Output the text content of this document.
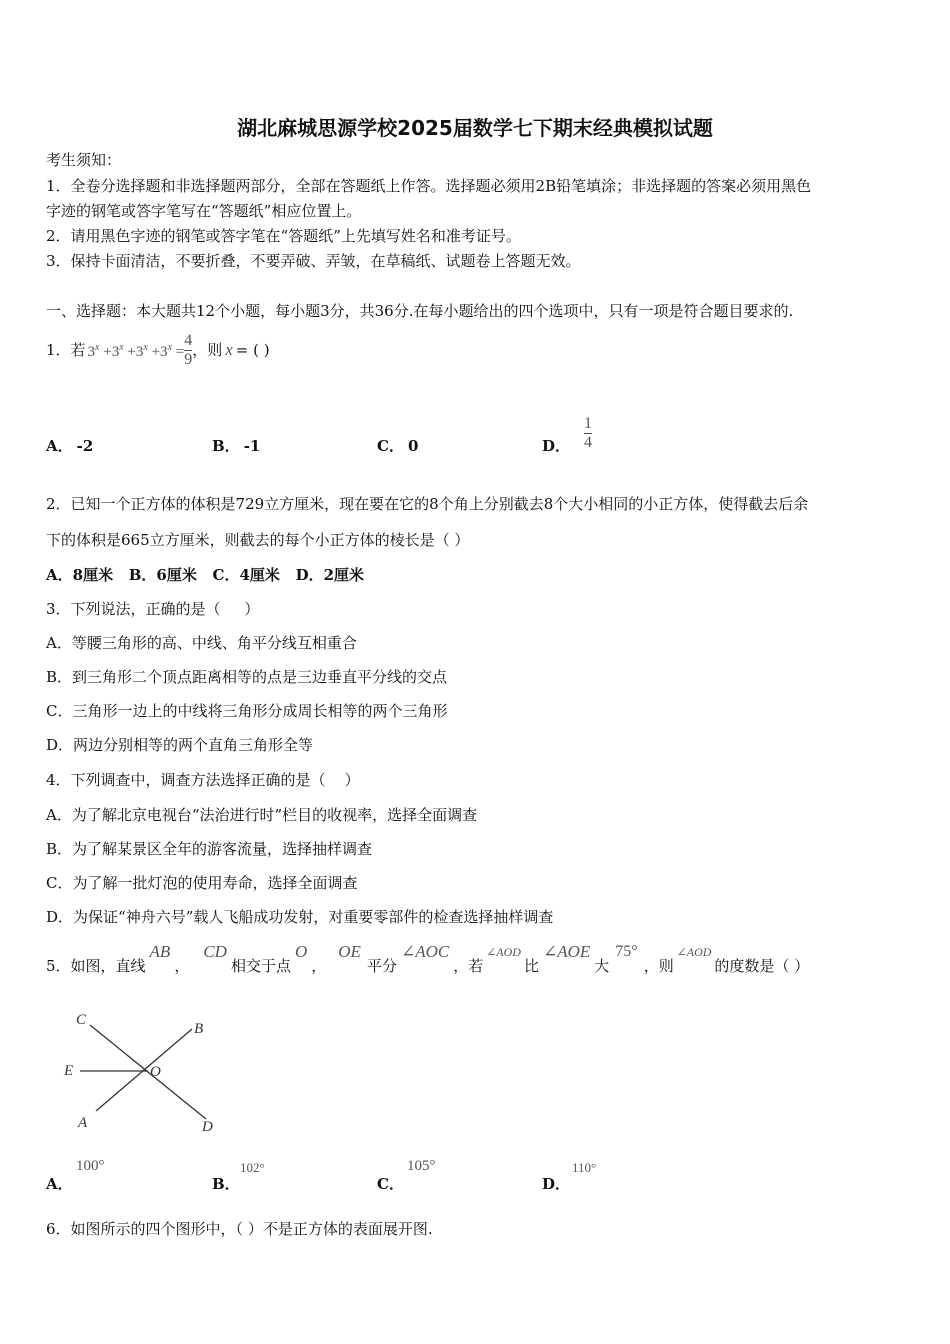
湖北麻城思源学校2025届数学七下期末经典模拟试题
考生须知：
1．全卷分选择题和非选择题两部分，全部在答题纸上作答。选择题必须用2B铅笔填涂；非选择题的答案必须用黑色
字迹的钢笔或答字笔写在“答题纸”相应位置上。
2．请用黑色字迹的钢笔或答字笔在“答题纸”上先填写姓名和准考证号。
3．保持卡面清洁，不要折叠，不要弄破、弄皱，在草稿纸、试题卷上答题无效。
一、选择题：本大题共12个小题，每小题3分，共36分.在每小题给出的四个选项中，只有一项是符合题目要求的.
1．若 $3^x +3^x +3^x +3^x = \frac{4}{9}$ ，则 x = ( )
A． -2	B． -1	C． 0	D． $\frac{1}{4}$
2．已知一个正方体的体积是729立方厘米，现在要在它的8个角上分别截去8个大小相同的小正方体，使得截去后余
下的体积是665立方厘米，则截去的每个小正方体的棱长是（ ）
A．8厘米   B．6厘米   C．4厘米   D．2厘米
3．下列说法，正确的是（     ）
A．等腰三角形的高、中线、角平分线互相重合
B．到三角形二个顶点距离相等的点是三边垂直平分线的交点
C．三角形一边上的中线将三角形分成周长相等的两个三角形
D．两边分别相等的两个直角三角形全等
4．下列调查中，调查方法选择正确的是（    ）
A．为了解北京电视台“法治进行时”栏目的收视率，选择全面调查
B．为了解某景区全年的游客流量，选择抽样调查
C．为了解一批灯泡的使用寿命，选择全面调查
D．为保证“神舟六号”载人飞船成功发射，对重要零部件的检查选择抽样调查
5．如图，直线
AB
，
CD
相交于点
O
，
OE
平分
∠AOC
，若
∠AOD
比
∠AOE
大
75°
，则
∠AOD
的度数是（ ）
C
B
E	O
A	D
A．
100°
B．
102°
C．
105°
D．
110°
6．如图所示的四个图形中，（ ）不是正方体的表面展开图.
